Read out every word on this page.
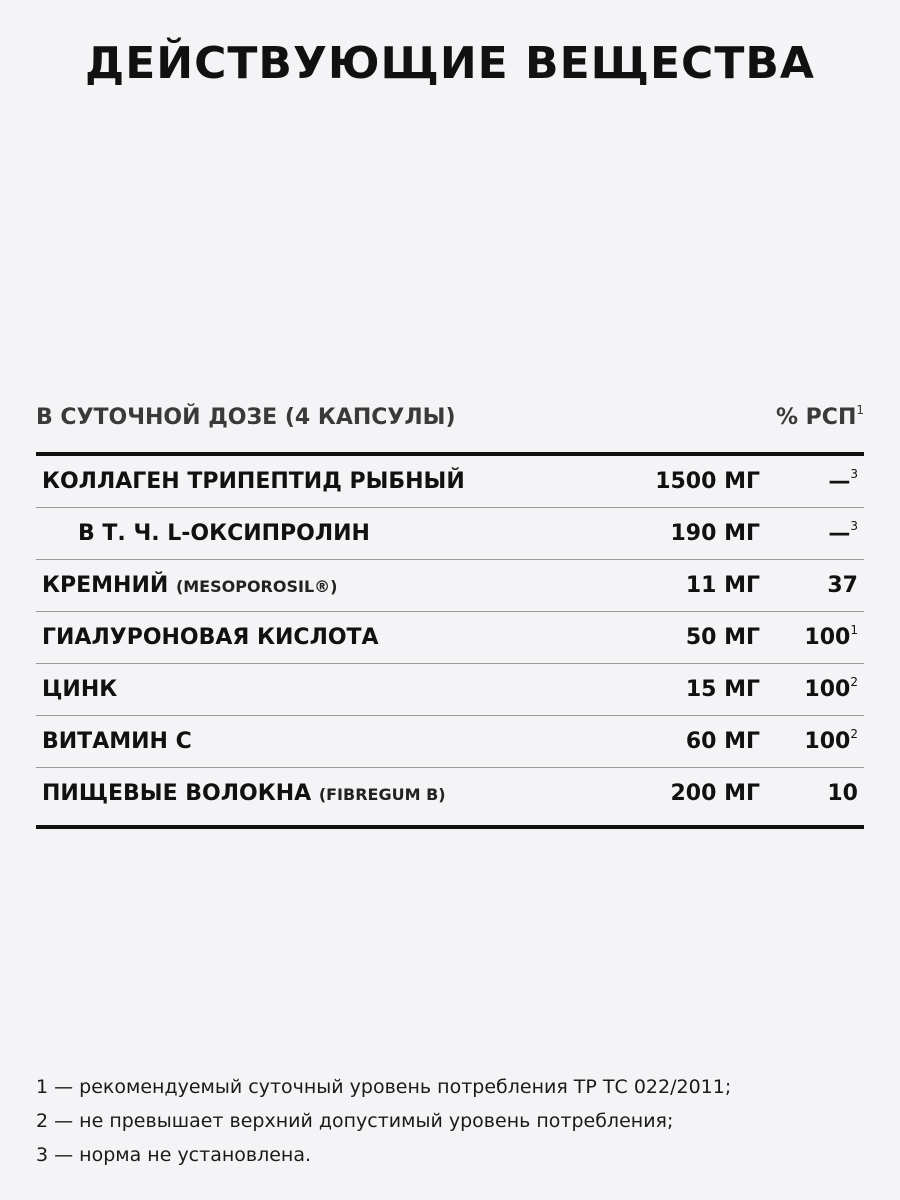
ДЕЙСТВУЮЩИЕ ВЕЩЕСТВА
В СУТОЧНОЙ ДОЗЕ (4 КАПСУЛЫ)	% РСП$^1$
КОЛЛАГЕН ТРИПЕПТИД РЫБНЫЙ	1500 МГ	—$^3$
В Т. Ч. L-ОКСИПРОЛИН	190 МГ	—$^3$
КРЕМНИЙ (MESOPOROSIL®)	11 МГ	37
ГИАЛУРОНОВАЯ КИСЛОТА	50 МГ $100^1$
ЦИНК	15 МГ $100^2$
ВИТАМИН С	60 МГ $100^2$
ПИЩЕВЫЕ ВОЛОКНА (FIBREGUM B)	200 МГ	10
1 — рекомендуемый суточный уровень потребления ТР ТС 022/2011;
2 — не превышает верхний допустимый уровень потребления;
3 — норма не установлена.
